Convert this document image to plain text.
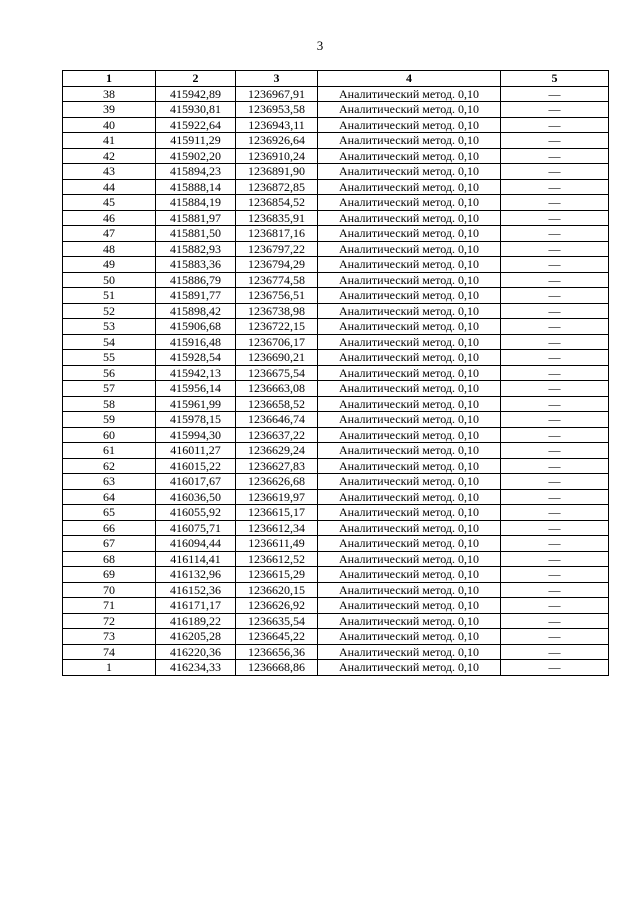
3
1	2	3	4	5
38	415942,89	1236967,91	Аналитический метод. 0,10	—
39	415930,81	1236953,58	Аналитический метод. 0,10	—
40	415922,64	1236943,11	Аналитический метод. 0,10	—
41	415911,29	1236926,64	Аналитический метод. 0,10	—
42	415902,20	1236910,24	Аналитический метод. 0,10	—
43	415894,23	1236891,90	Аналитический метод. 0,10	—
44	415888,14	1236872,85	Аналитический метод. 0,10	—
45	415884,19	1236854,52	Аналитический метод. 0,10	—
46	415881,97	1236835,91	Аналитический метод. 0,10	—
47	415881,50	1236817,16	Аналитический метод. 0,10	—
48	415882,93	1236797,22	Аналитический метод. 0,10	—
49	415883,36	1236794,29	Аналитический метод. 0,10	—
50	415886,79	1236774,58	Аналитический метод. 0,10	—
51	415891,77	1236756,51	Аналитический метод. 0,10	—
52	415898,42	1236738,98	Аналитический метод. 0,10	—
53	415906,68	1236722,15	Аналитический метод. 0,10	—
54	415916,48	1236706,17	Аналитический метод. 0,10	—
55	415928,54	1236690,21	Аналитический метод. 0,10	—
56	415942,13	1236675,54	Аналитический метод. 0,10	—
57	415956,14	1236663,08	Аналитический метод. 0,10	—
58	415961,99	1236658,52	Аналитический метод. 0,10	—
59	415978,15	1236646,74	Аналитический метод. 0,10	—
60	415994,30	1236637,22	Аналитический метод. 0,10	—
61	416011,27	1236629,24	Аналитический метод. 0,10	—
62	416015,22	1236627,83	Аналитический метод. 0,10	—
63	416017,67	1236626,68	Аналитический метод. 0,10	—
64	416036,50	1236619,97	Аналитический метод. 0,10	—
65	416055,92	1236615,17	Аналитический метод. 0,10	—
66	416075,71	1236612,34	Аналитический метод. 0,10	—
67	416094,44	1236611,49	Аналитический метод. 0,10	—
68	416114,41	1236612,52	Аналитический метод. 0,10	—
69	416132,96	1236615,29	Аналитический метод. 0,10	—
70	416152,36	1236620,15	Аналитический метод. 0,10	—
71	416171,17	1236626,92	Аналитический метод. 0,10	—
72	416189,22	1236635,54	Аналитический метод. 0,10	—
73	416205,28	1236645,22	Аналитический метод. 0,10	—
74	416220,36	1236656,36	Аналитический метод. 0,10	—
1	416234,33	1236668,86	Аналитический метод. 0,10	—
